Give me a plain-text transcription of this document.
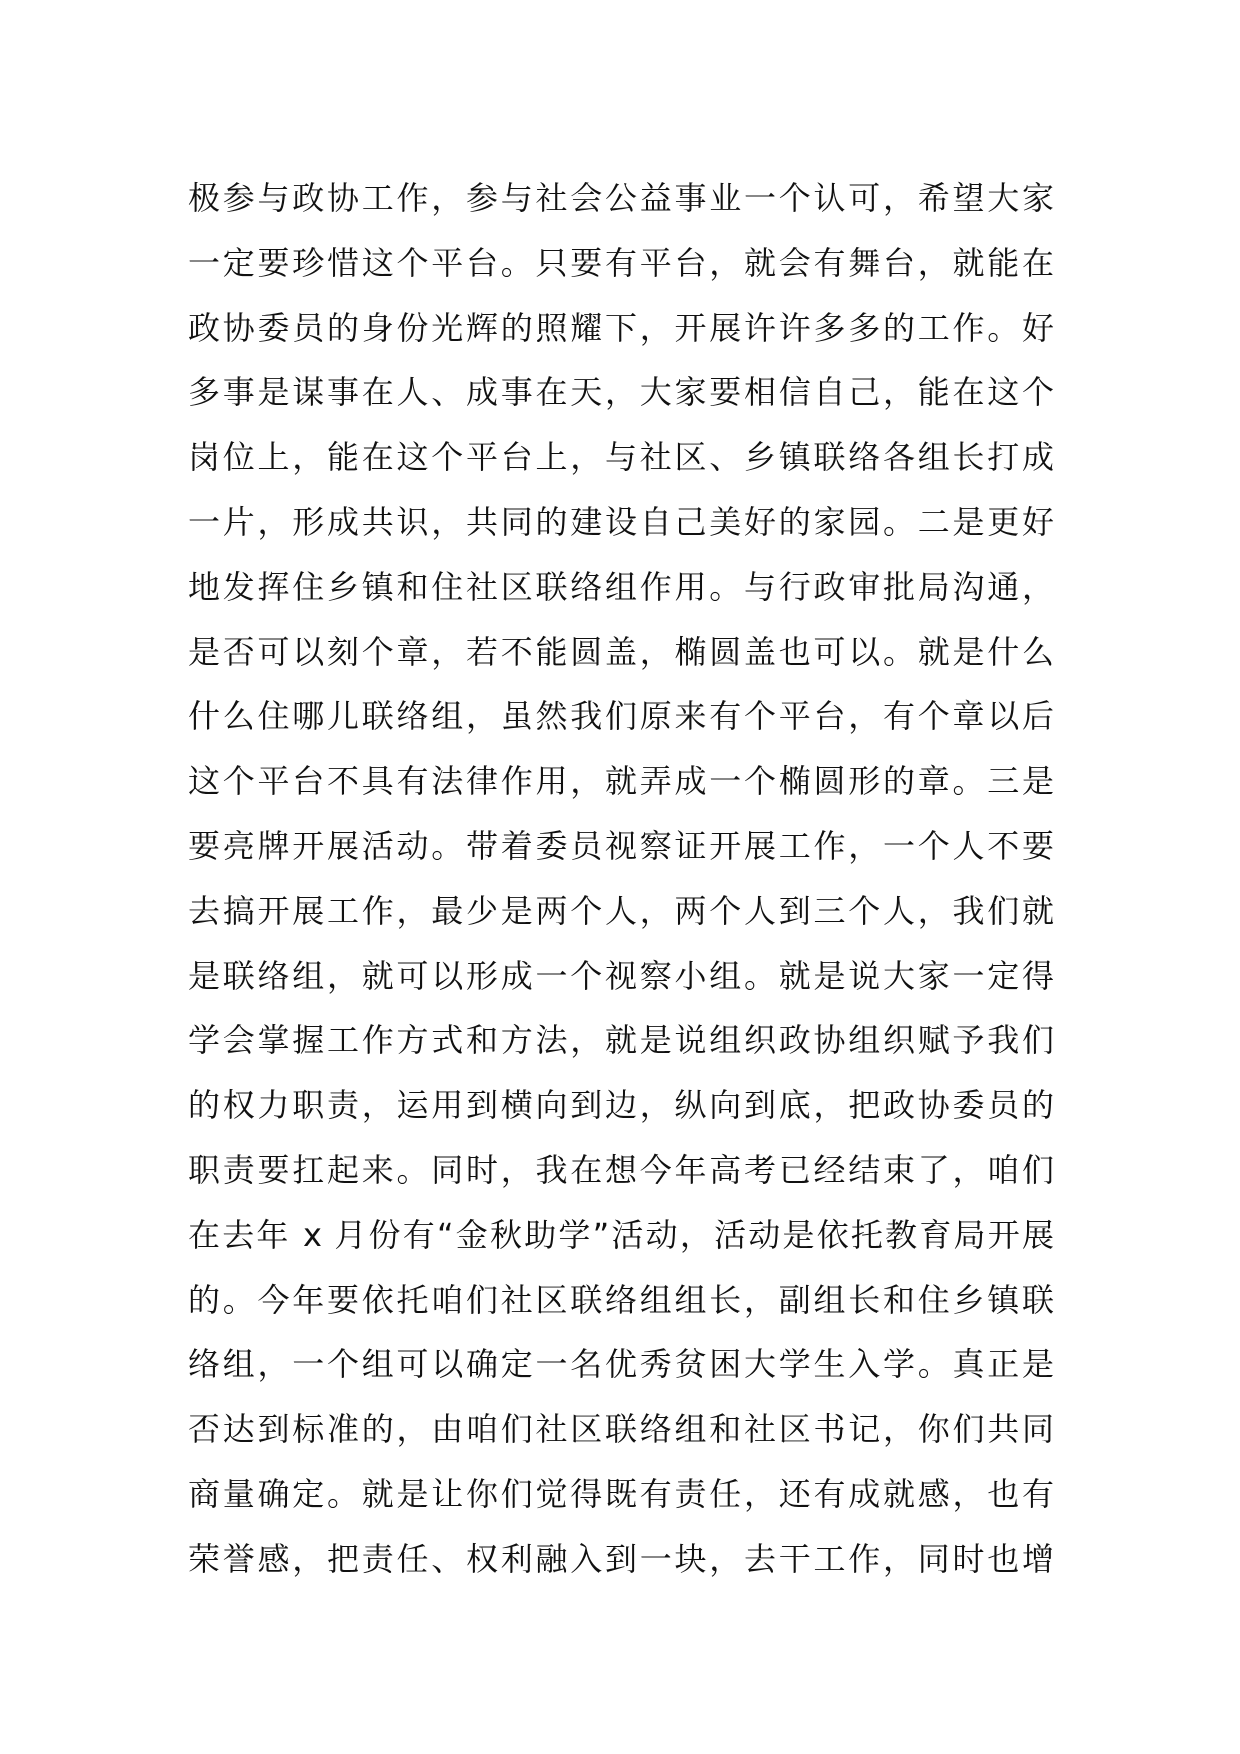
极参与政协工作，参与社会公益事业一个认可，希望大家
一定要珍惜这个平台。只要有平台，就会有舞台，就能在
政协委员的身份光辉的照耀下，开展许许多多的工作。好
多事是谋事在人、成事在天，大家要相信自己，能在这个
岗位上，能在这个平台上，与社区、乡镇联络各组长打成
一片，形成共识，共同的建设自己美好的家园。二是更好
地发挥住乡镇和住社区联络组作用。与行政审批局沟通，
是否可以刻个章，若不能圆盖，椭圆盖也可以。就是什么
什么住哪儿联络组，虽然我们原来有个平台，有个章以后
这个平台不具有法律作用，就弄成一个椭圆形的章。三是
要亮牌开展活动。带着委员视察证开展工作，一个人不要
去搞开展工作，最少是两个人，两个人到三个人，我们就
是联络组，就可以形成一个视察小组。就是说大家一定得
学会掌握工作方式和方法，就是说组织政协组织赋予我们
的权力职责，运用到横向到边，纵向到底，把政协委员的
职责要扛起来。同时，我在想今年高考已经结束了，咱们
在去年 x 月份有“金秋助学”活动，活动是依托教育局开展
的。今年要依托咱们社区联络组组长，副组长和住乡镇联
络组，一个组可以确定一名优秀贫困大学生入学。真正是
否达到标准的，由咱们社区联络组和社区书记，你们共同
商量确定。就是让你们觉得既有责任，还有成就感，也有
荣誉感，把责任、权利融入到一块，去干工作，同时也增
